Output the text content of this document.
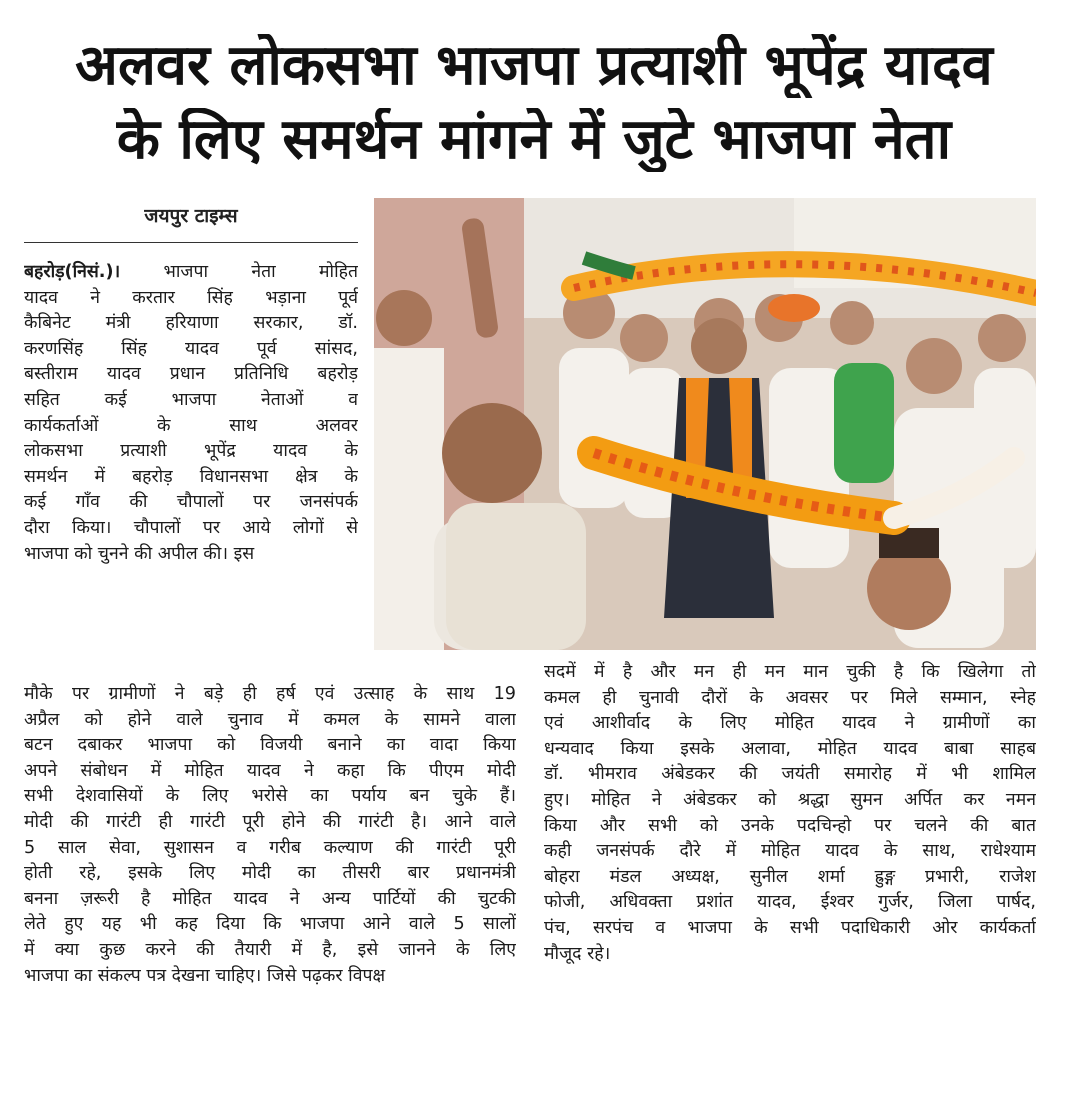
अलवर लोकसभा भाजपा प्रत्याशी भूपेंद्र यादव
के लिए समर्थन मांगने में जुटे भाजपा नेता
जयपुर टाइम्स
बहरोड़(निसं.)। भाजपा नेता मोहित
यादव ने करतार सिंह भड़ाना पूर्व
कैबिनेट मंत्री हरियाणा सरकार, डॉ.
करणसिंह सिंह यादव पूर्व सांसद,
बस्तीराम यादव प्रधान प्रतिनिधि बहरोड़
सहित कई भाजपा नेताओं व
कार्यकर्ताओं के साथ अलवर
लोकसभा प्रत्याशी भूपेंद्र यादव के
समर्थन में बहरोड़ विधानसभा क्षेत्र के
कई गाँव की चौपालों पर जनसंपर्क
दौरा किया। चौपालों पर आये लोगों से
भाजपा को चुनने की अपील की। इस
मौके पर ग्रामीणों ने बड़े ही हर्ष एवं उत्साह के साथ 19
अप्रैल को होने वाले चुनाव में कमल के सामने वाला
बटन दबाकर भाजपा को विजयी बनाने का वादा किया
अपने संबोधन में मोहित यादव ने कहा कि पीएम मोदी
सभी देशवासियों के लिए भरोसे का पर्याय बन चुके हैं।
मोदी की गारंटी ही गारंटी पूरी होने की गारंटी है। आने वाले
5 साल सेवा, सुशासन व गरीब कल्याण की गारंटी पूरी
होती रहे, इसके लिए मोदी का तीसरी बार प्रधानमंत्री
बनना ज़रूरी है मोहित यादव ने अन्य पार्टियों की चुटकी
लेते हुए यह भी कह दिया कि भाजपा आने वाले 5 सालों
में क्या कुछ करने की तैयारी में है, इसे जानने के लिए
भाजपा का संकल्प पत्र देखना चाहिए। जिसे पढ़कर विपक्ष
सदमें में है और मन ही मन मान चुकी है कि खिलेगा तो
कमल ही चुनावी दौरों के अवसर पर मिले सम्मान, स्नेह
एवं आशीर्वाद के लिए मोहित यादव ने ग्रामीणों का
धन्यवाद किया इसके अलावा, मोहित यादव बाबा साहब
डॉ. भीमराव अंबेडकर की जयंती समारोह में भी शामिल
हुए। मोहित ने अंबेडकर को श्रद्धा सुमन अर्पित कर नमन
किया और सभी को उनके पदचिन्हो पर चलने की बात
कही जनसंपर्क दौरे में मोहित यादव के साथ, राधेश्याम
बोहरा मंडल अध्यक्ष, सुनील शर्मा ह्रुङ्ग प्रभारी, राजेश
फोजी, अधिवक्ता प्रशांत यादव, ईश्वर गुर्जर, जिला पार्षद,
पंच, सरपंच व भाजपा के सभी पदाधिकारी ओर कार्यकर्ता
मौजूद रहे।
